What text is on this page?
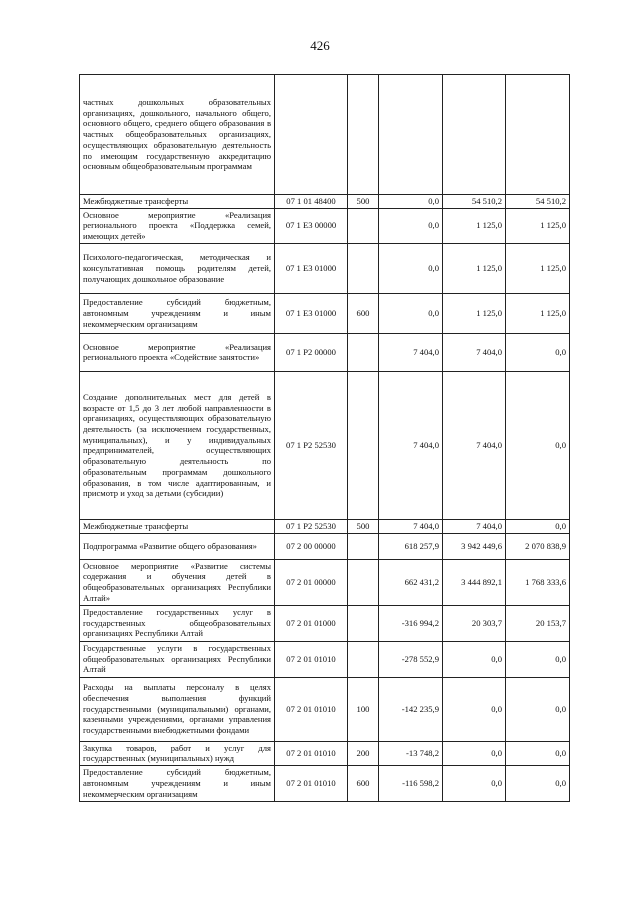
426
частных дошкольных образовательных организациях, дошкольного, начального общего, основного общего, среднего общего образования в частных общеобразовательных организациях, осуществляющих образовательную деятельность по имеющим государственную аккредитацию основным общеобразовательным программам					
Межбюджетные трансферты	07 1 01 48400	500	0,0	54 510,2	54 510,2
Основное мероприятие «Реализация регионального проекта «Поддержка семей, имеющих детей»	07 1 Е3 00000		0,0	1 125,0	1 125,0
Психолого-педагогическая, методическая и консультативная помощь родителям детей, получающих дошкольное образование	07 1 Е3 01000		0,0	1 125,0	1 125,0
Предоставление субсидий бюджетным, автономным учреждениям и иным некоммерческим организациям	07 1 Е3 01000	600	0,0	1 125,0	1 125,0
Основное мероприятие «Реализация регионального проекта «Содействие занятости»	07 1 Р2 00000		7 404,0	7 404,0	0,0
Создание дополнительных мест для детей в возрасте от 1,5 до 3 лет любой направленности в организациях, осуществляющих образовательную деятельность (за исключением государственных, муниципальных), и у индивидуальных предпринимателей, осуществляющих образовательную деятельность по образовательным программам дошкольного образования, в том числе адаптированным, и присмотр и уход за детьми (субсидии)	07 1 Р2 52530		7 404,0	7 404,0	0,0
Межбюджетные трансферты	07 1 Р2 52530	500	7 404,0	7 404,0	0,0
Подпрограмма «Развитие общего образования»	07 2 00 00000		618 257,9	3 942 449,6	2 070 838,9
Основное мероприятие «Развитие системы содержания и обучения детей в общеобразовательных организациях Республики Алтай»	07 2 01 00000		662 431,2	3 444 892,1	1 768 333,6
Предоставление государственных услуг в государственных общеобразовательных организациях Республики Алтай	07 2 01 01000		-316 994,2	20 303,7	20 153,7
Государственные услуги в государственных общеобразовательных организациях Республики Алтай	07 2 01 01010		-278 552,9	0,0	0,0
Расходы на выплаты персоналу в целях обеспечения выполнения функций государственными (муниципальными) органами, казенными учреждениями, органами управления государственными внебюджетными фондами	07 2 01 01010	100	-142 235,9	0,0	0,0
Закупка товаров, работ и услуг для государственных (муниципальных) нужд	07 2 01 01010	200	-13 748,2	0,0	0,0
Предоставление субсидий бюджетным, автономным учреждениям и иным некоммерческим организациям	07 2 01 01010	600	-116 598,2	0,0	0,0
